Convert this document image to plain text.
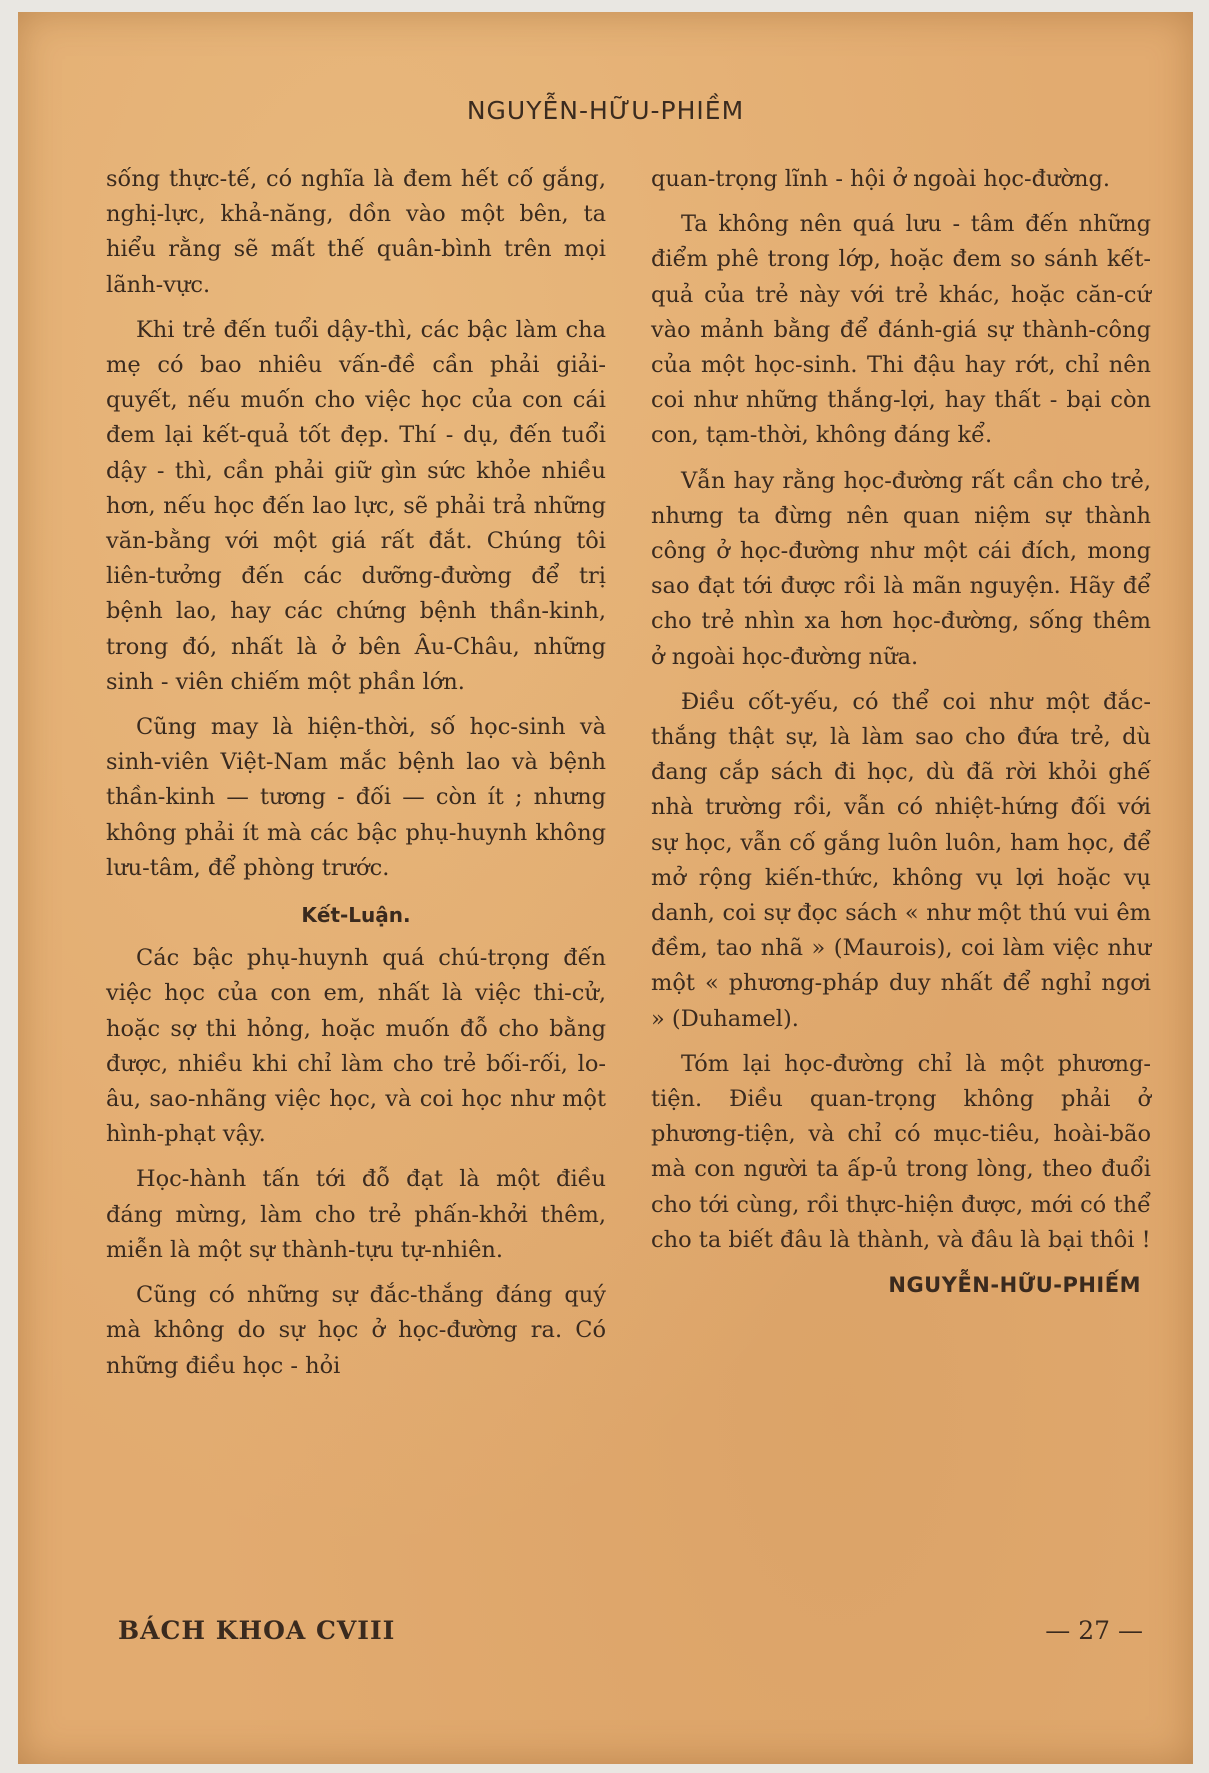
NGUYỄN-HỮU-PHIỀM

sống thực-tế, có nghĩa là đem hết cố gắng, nghị-lực, khả-năng, dồn vào một bên, ta hiểu rằng sẽ mất thế quân-bình trên mọi lãnh-vực.

Khi trẻ đến tuổi dậy-thì, các bậc làm cha mẹ có bao nhiêu vấn-đề cần phải giải-quyết, nếu muốn cho việc học của con cái đem lại kết-quả tốt đẹp. Thí - dụ, đến tuổi dậy - thì, cần phải giữ gìn sức khỏe nhiều hơn, nếu học đến lao lực, sẽ phải trả những văn-bằng với một giá rất đắt. Chúng tôi liên-tưởng đến các dưỡng-đường để trị bệnh lao, hay các chứng bệnh thần-kinh, trong đó, nhất là ở bên Âu-Châu, những sinh - viên chiếm một phần lớn.

Cũng may là hiện-thời, số học-sinh và sinh-viên Việt-Nam mắc bệnh lao và bệnh thần-kinh — tương - đối — còn ít ; nhưng không phải ít mà các bậc phụ-huynh không lưu-tâm, để phòng trước.

Kết-Luận.

Các bậc phụ-huynh quá chú-trọng đến việc học của con em, nhất là việc thi-cử, hoặc sợ thi hỏng, hoặc muốn đỗ cho bằng được, nhiều khi chỉ làm cho trẻ bối-rối, lo-âu, sao-nhãng việc học, và coi học như một hình-phạt vậy.

Học-hành tấn tới đỗ đạt là một điều đáng mừng, làm cho trẻ phấn-khởi thêm, miễn là một sự thành-tựu tự-nhiên.

Cũng có những sự đắc-thắng đáng quý mà không do sự học ở học-đường ra. Có những điều học - hỏi

quan-trọng lĩnh - hội ở ngoài học-đường.

Ta không nên quá lưu - tâm đến những điểm phê trong lớp, hoặc đem so sánh kết-quả của trẻ này với trẻ khác, hoặc căn-cứ vào mảnh bằng để đánh-giá sự thành-công của một học-sinh. Thi đậu hay rớt, chỉ nên coi như những thắng-lợi, hay thất - bại còn con, tạm-thời, không đáng kể.

Vẫn hay rằng học-đường rất cần cho trẻ, nhưng ta đừng nên quan niệm sự thành công ở học-đường như một cái đích, mong sao đạt tới được rồi là mãn nguyện. Hãy để cho trẻ nhìn xa hơn học-đường, sống thêm ở ngoài học-đường nữa.

Điều cốt-yếu, có thể coi như một đắc-thắng thật sự, là làm sao cho đứa trẻ, dù đang cắp sách đi học, dù đã rời khỏi ghế nhà trường rồi, vẫn có nhiệt-hứng đối với sự học, vẫn cố gắng luôn luôn, ham học, để mở rộng kiến-thức, không vụ lợi hoặc vụ danh, coi sự đọc sách « như một thú vui êm đềm, tao nhã » (Maurois), coi làm việc như một « phương-pháp duy nhất để nghỉ ngơi » (Duhamel).

Tóm lại học-đường chỉ là một phương-tiện. Điều quan-trọng không phải ở phương-tiện, và chỉ có mục-tiêu, hoài-bão mà con người ta ấp-ủ trong lòng, theo đuổi cho tới cùng, rồi thực-hiện được, mới có thể cho ta biết đâu là thành, và đâu là bại thôi !

NGUYỄN-HỮU-PHIẾM
BÁCH KHOA CVIII	— 27 —
